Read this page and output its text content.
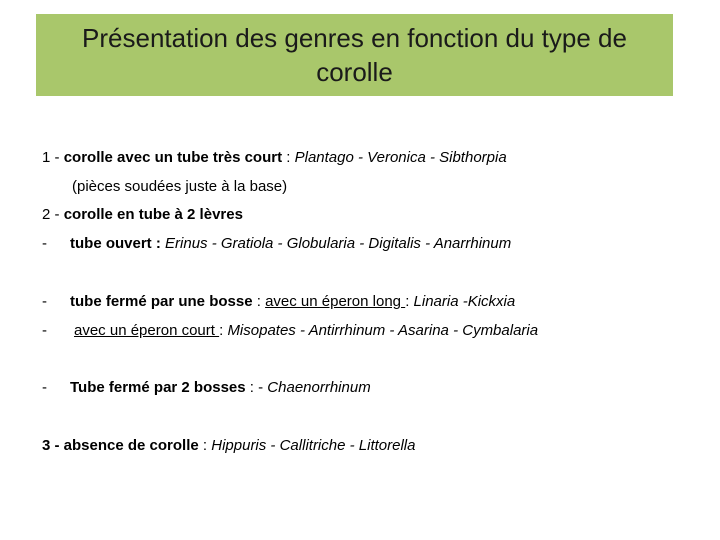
Présentation des genres en fonction du type de corolle
1 - corolle avec un tube très court : Plantago - Veronica - Sibthorpia
(pièces soudées juste à la base)
2 - corolle en tube à 2 lèvres
- tube ouvert : Erinus - Gratiola - Globularia - Digitalis - Anarrhinum
- tube fermé par une bosse : avec un éperon long : Linaria -Kickxia
- avec un éperon court : Misopates - Antirrhinum - Asarina - Cymbalaria
- Tube fermé par 2 bosses : - Chaenorrhinum
3 - absence de corolle : Hippuris - Callitriche - Littorella
